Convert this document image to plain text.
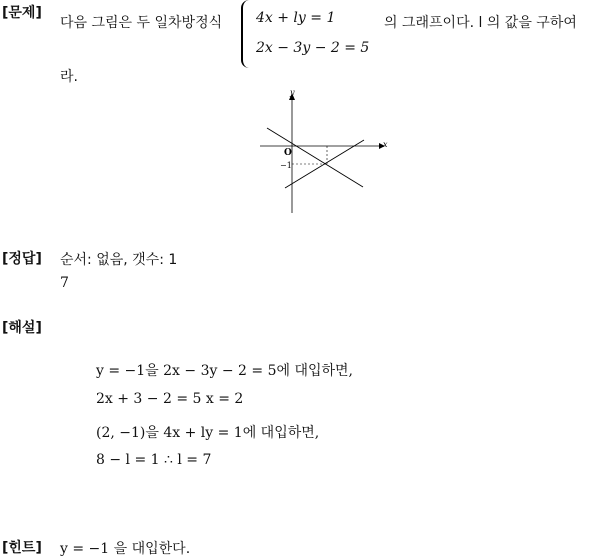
[문제]
다음 그림은 두 일차방정식 4x + ly = 1
2x − 3y − 2 = 5
의 그래프이다. l 의 값을 구하여
라.
y
x
O
−1
[정답] 순서: 없음, 갯수: 1
7
[해설]
y = −1을 2x − 3y − 2 = 5에 대입하면,
2x + 3 − 2 = 5 x = 2
(2, −1)을 4x + ly = 1에 대입하면,
8 − l = 1 ∴ l = 7
[힌트] y = −1 을 대입한다.
